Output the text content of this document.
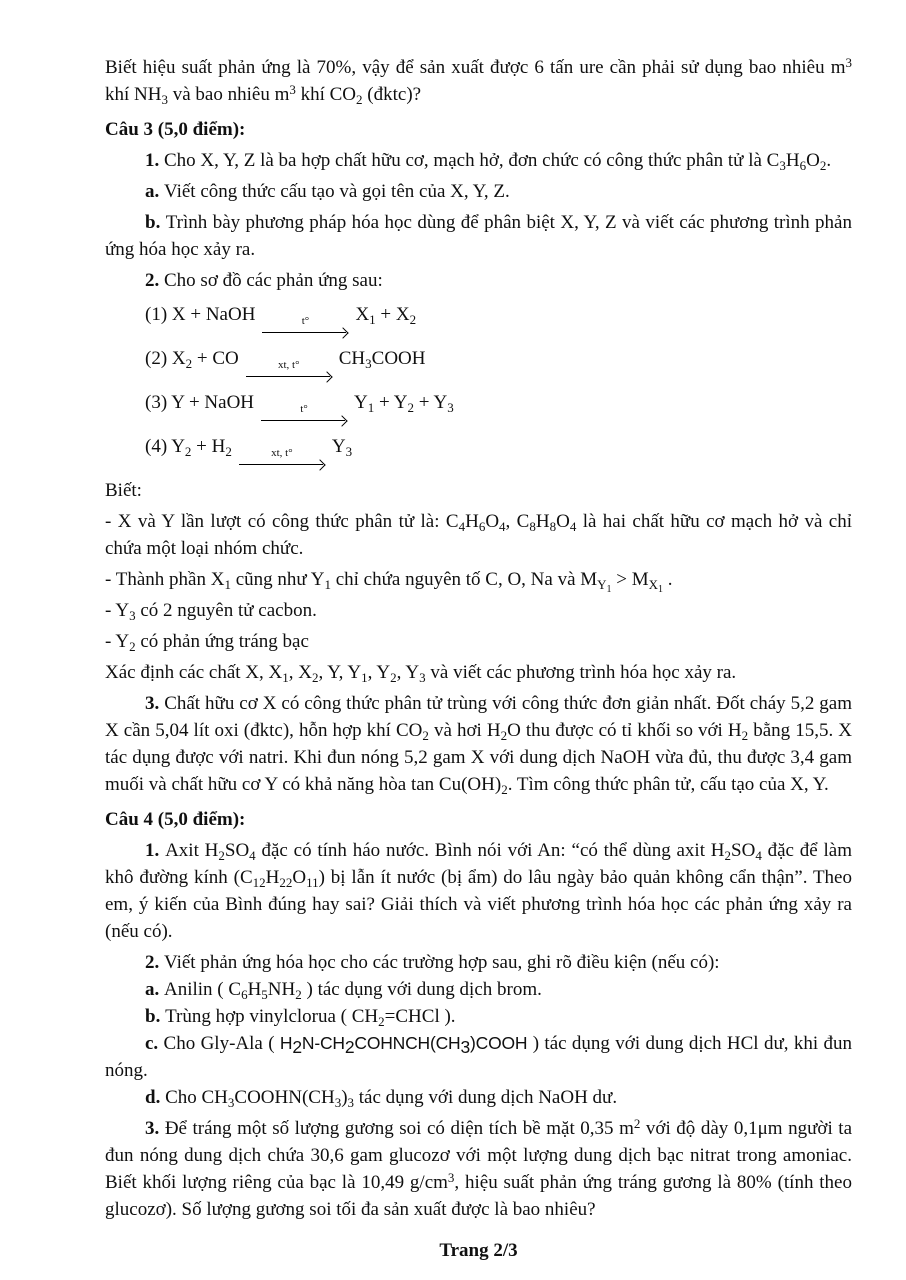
Biết hiệu suất phản ứng là 70%, vậy để sản xuất được 6 tấn ure cần phải sử dụng bao nhiêu $m^3$ khí $NH_3$ và bao nhiêu $m^3$ khí $CO_2$ (đktc)?
Câu 3 (5,0 điểm):
1. Cho X, Y, Z là ba hợp chất hữu cơ, mạch hở, đơn chức có công thức phân tử là $C_3H_6O_2$.
a. Viết công thức cấu tạo và gọi tên của X, Y, Z.
b. Trình bày phương pháp hóa học dùng để phân biệt X, Y, Z và viết các phương trình phản ứng hóa học xảy ra.
2. Cho sơ đồ các phản ứng sau:
(1) X + NaOH	t° $X_1 + X_2$
(2) $X_2$ + CO	xt, t° $CH_3COOH$
(3) Y + NaOH	t° $Y_1 + Y_2 + Y_3$
(4) $Y_2 + H_2$	xt, t° $Y_3$
Biết:
- X và Y lần lượt có công thức phân tử là: $C_4H_6O_4$, $C_8H_8O_4$ là hai chất hữu cơ mạch hở và chỉ chứa một loại nhóm chức.
- Thành phần $X_1$ cũng như $Y_1$ chỉ chứa nguyên tố C, O, Na và $M_{Y1} > M_{X1}$ .
- $Y_3$ có 2 nguyên tử cacbon.
- $Y_2$ có phản ứng tráng bạc
Xác định các chất X, $X_1$, $X_2$, Y, $Y_1$, $Y_2$, $Y_3$ và viết các phương trình hóa học xảy ra.
3. Chất hữu cơ X có công thức phân tử trùng với công thức đơn giản nhất. Đốt cháy 5,2 gam X cần 5,04 lít oxi (đktc), hỗn hợp khí $CO_2$ và hơi $H_2O$ thu được có tỉ khối so với $H_2$ bằng 15,5. X tác dụng được với natri. Khi đun nóng 5,2 gam X với dung dịch NaOH vừa đủ, thu được 3,4 gam muối và chất hữu cơ Y có khả năng hòa $\tan Cu(OH)_2$. Tìm công thức phân tử, cấu tạo của X, Y.
Câu 4 (5,0 điểm):
1. Axit $H_2SO_4$ đặc có tính háo nước. Bình nói với An: “có thể dùng axit $H_2SO_4$ đặc để làm khô đường kính $(C_{12}H_{22}O_{11})$ bị lẫn ít nước (bị ẩm) do lâu ngày bảo quản không cẩn thận”. Theo em, ý kiến của Bình đúng hay sai? Giải thích và viết phương trình hóa học các phản ứng xảy ra (nếu có).
2. Viết phản ứng hóa học cho các trường hợp sau, ghi rõ điều kiện (nếu có):
a. Anilin ( $C_6H_5NH_2$ ) tác dụng với dung dịch brom.
b. Trùng hợp vinylclorua ( $CH_2=CHCl$ ).
c. Cho Gly-Ala ( $H_2N-CH_2COHNCH(CH_3)COOH$ ) tác dụng với dung dịch HCl dư, khi đun nóng.
d. Cho $CH_3COOHN(CH_3)_3$ tác dụng với dung dịch NaOH dư.
3. Để tráng một số lượng gương soi có diện tích bề mặt 0,35 $m^2$ với độ dày 0,1μm người ta đun nóng dung dịch chứa 30,6 gam glucozơ với một lượng dung dịch bạc nitrat trong amoniac. Biết khối lượng riêng của bạc là 10,49 $g/cm^3$, hiệu suất phản ứng tráng gương là 80% (tính theo glucozơ). Số lượng gương soi tối đa sản xuất được là bao nhiêu?
Trang 2/3
